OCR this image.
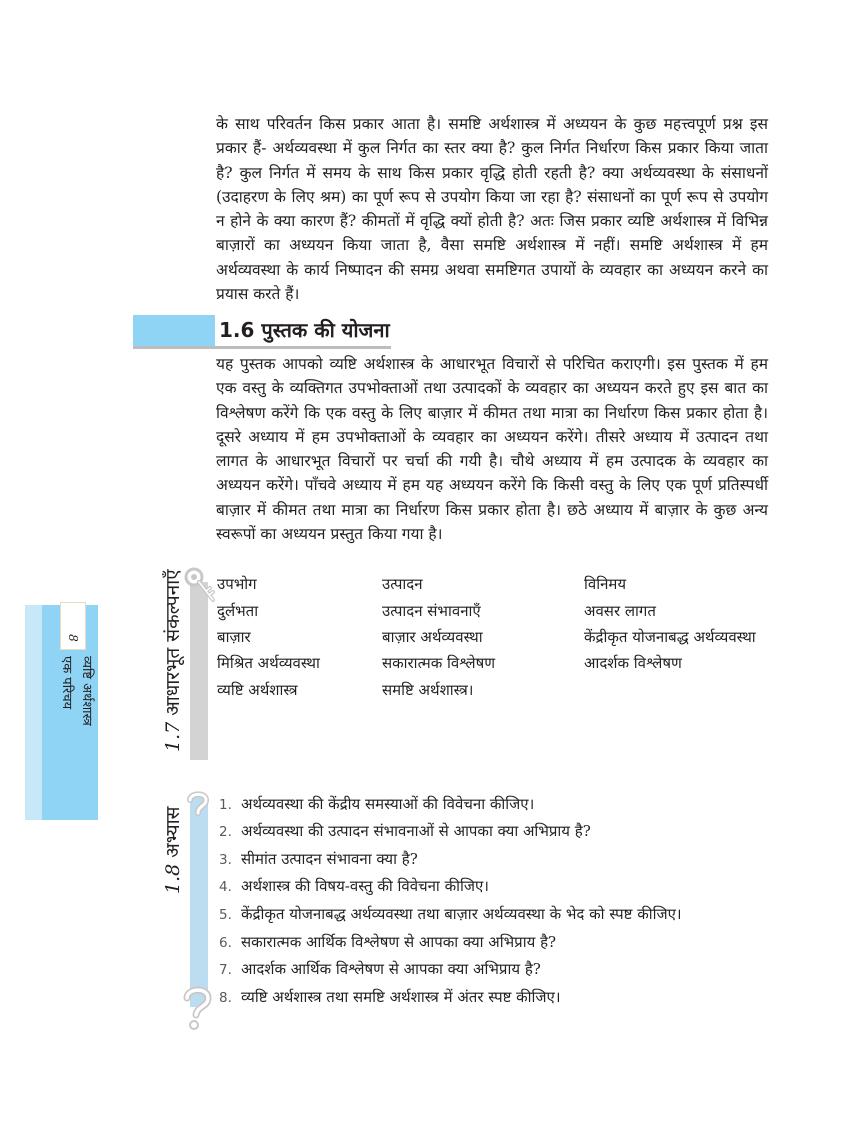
के साथ परिवर्तन किस प्रकार आता है। समष्टि अर्थशास्त्र में अध्ययन के कुछ महत्त्वपूर्ण प्रश्न इस प्रकार हैं- अर्थव्यवस्था में कुल निर्गत का स्तर क्या है? कुल निर्गत निर्धारण किस प्रकार किया जाता है? कुल निर्गत में समय के साथ किस प्रकार वृद्धि होती रहती है? क्या अर्थव्यवस्था के संसाधनों (उदाहरण के लिए श्रम) का पूर्ण रूप से उपयोग किया जा रहा है? संसाधनों का पूर्ण रूप से उपयोग न होने के क्या कारण हैं? कीमतों में वृद्धि क्यों होती है? अतः जिस प्रकार व्यष्टि अर्थशास्त्र में विभिन्न बाज़ारों का अध्ययन किया जाता है, वैसा समष्टि अर्थशास्त्र में नहीं। समष्टि अर्थशास्त्र में हम अर्थव्यवस्था के कार्य निष्पादन की समग्र अथवा समष्टिगत उपायों के व्यवहार का अध्ययन करने का प्रयास करते हैं।

1.6 पुस्तक की योजना

यह पुस्तक आपको व्यष्टि अर्थशास्त्र के आधारभूत विचारों से परिचित कराएगी। इस पुस्तक में हम एक वस्तु के व्यक्तिगत उपभोक्ताओं तथा उत्पादकों के व्यवहार का अध्ययन करते हुए इस बात का विश्लेषण करेंगे कि एक वस्तु के लिए बाज़ार में कीमत तथा मात्रा का निर्धारण किस प्रकार होता है। दूसरे अध्याय में हम उपभोक्ताओं के व्यवहार का अध्ययन करेंगे। तीसरे अध्याय में उत्पादन तथा लागत के आधारभूत विचारों पर चर्चा की गयी है। चौथे अध्याय में हम उत्पादक के व्यवहार का अध्ययन करेंगे। पाँचवे अध्याय में हम यह अध्ययन करेंगे कि किसी वस्तु के लिए एक पूर्ण प्रतिस्पर्धी बाज़ार में कीमत तथा मात्रा का निर्धारण किस प्रकार होता है। छठे अध्याय में बाज़ार के कुछ अन्य स्वरूपों का अध्ययन प्रस्तुत किया गया है।

8
व्यष्टि अर्थशास्त्र
एक परिचय
1.7 आधारभूत संकल्पनाएँ उपभोग
दुर्लभता
बाज़ार
मिश्रित अर्थव्यवस्था
व्यष्टि अर्थशास्त्र
उत्पादन
उत्पादन संभावनाएँ
बाज़ार अर्थव्यवस्था
सकारात्मक विश्लेषण
समष्टि अर्थशास्त्र।
विनिमय
अवसर लागत
केंद्रीकृत योजनाबद्ध अर्थव्यवस्था
आदर्शक विश्लेषण
1.8 अभ्यास
1. अर्थव्यवस्था की केंद्रीय समस्याओं की विवेचना कीजिए।
2. अर्थव्यवस्था की उत्पादन संभावनाओं से आपका क्या अभिप्राय है?
3. सीमांत उत्पादन संभावना क्या है?
4. अर्थशास्त्र की विषय-वस्तु की विवेचना कीजिए।
5. केंद्रीकृत योजनाबद्ध अर्थव्यवस्था तथा बाज़ार अर्थव्यवस्था के भेद को स्पष्ट कीजिए।
6. सकारात्मक आर्थिक विश्लेषण से आपका क्या अभिप्राय है?
7. आदर्शक आर्थिक विश्लेषण से आपका क्या अभिप्राय है?
8. व्यष्टि अर्थशास्त्र तथा समष्टि अर्थशास्त्र में अंतर स्पष्ट कीजिए।
